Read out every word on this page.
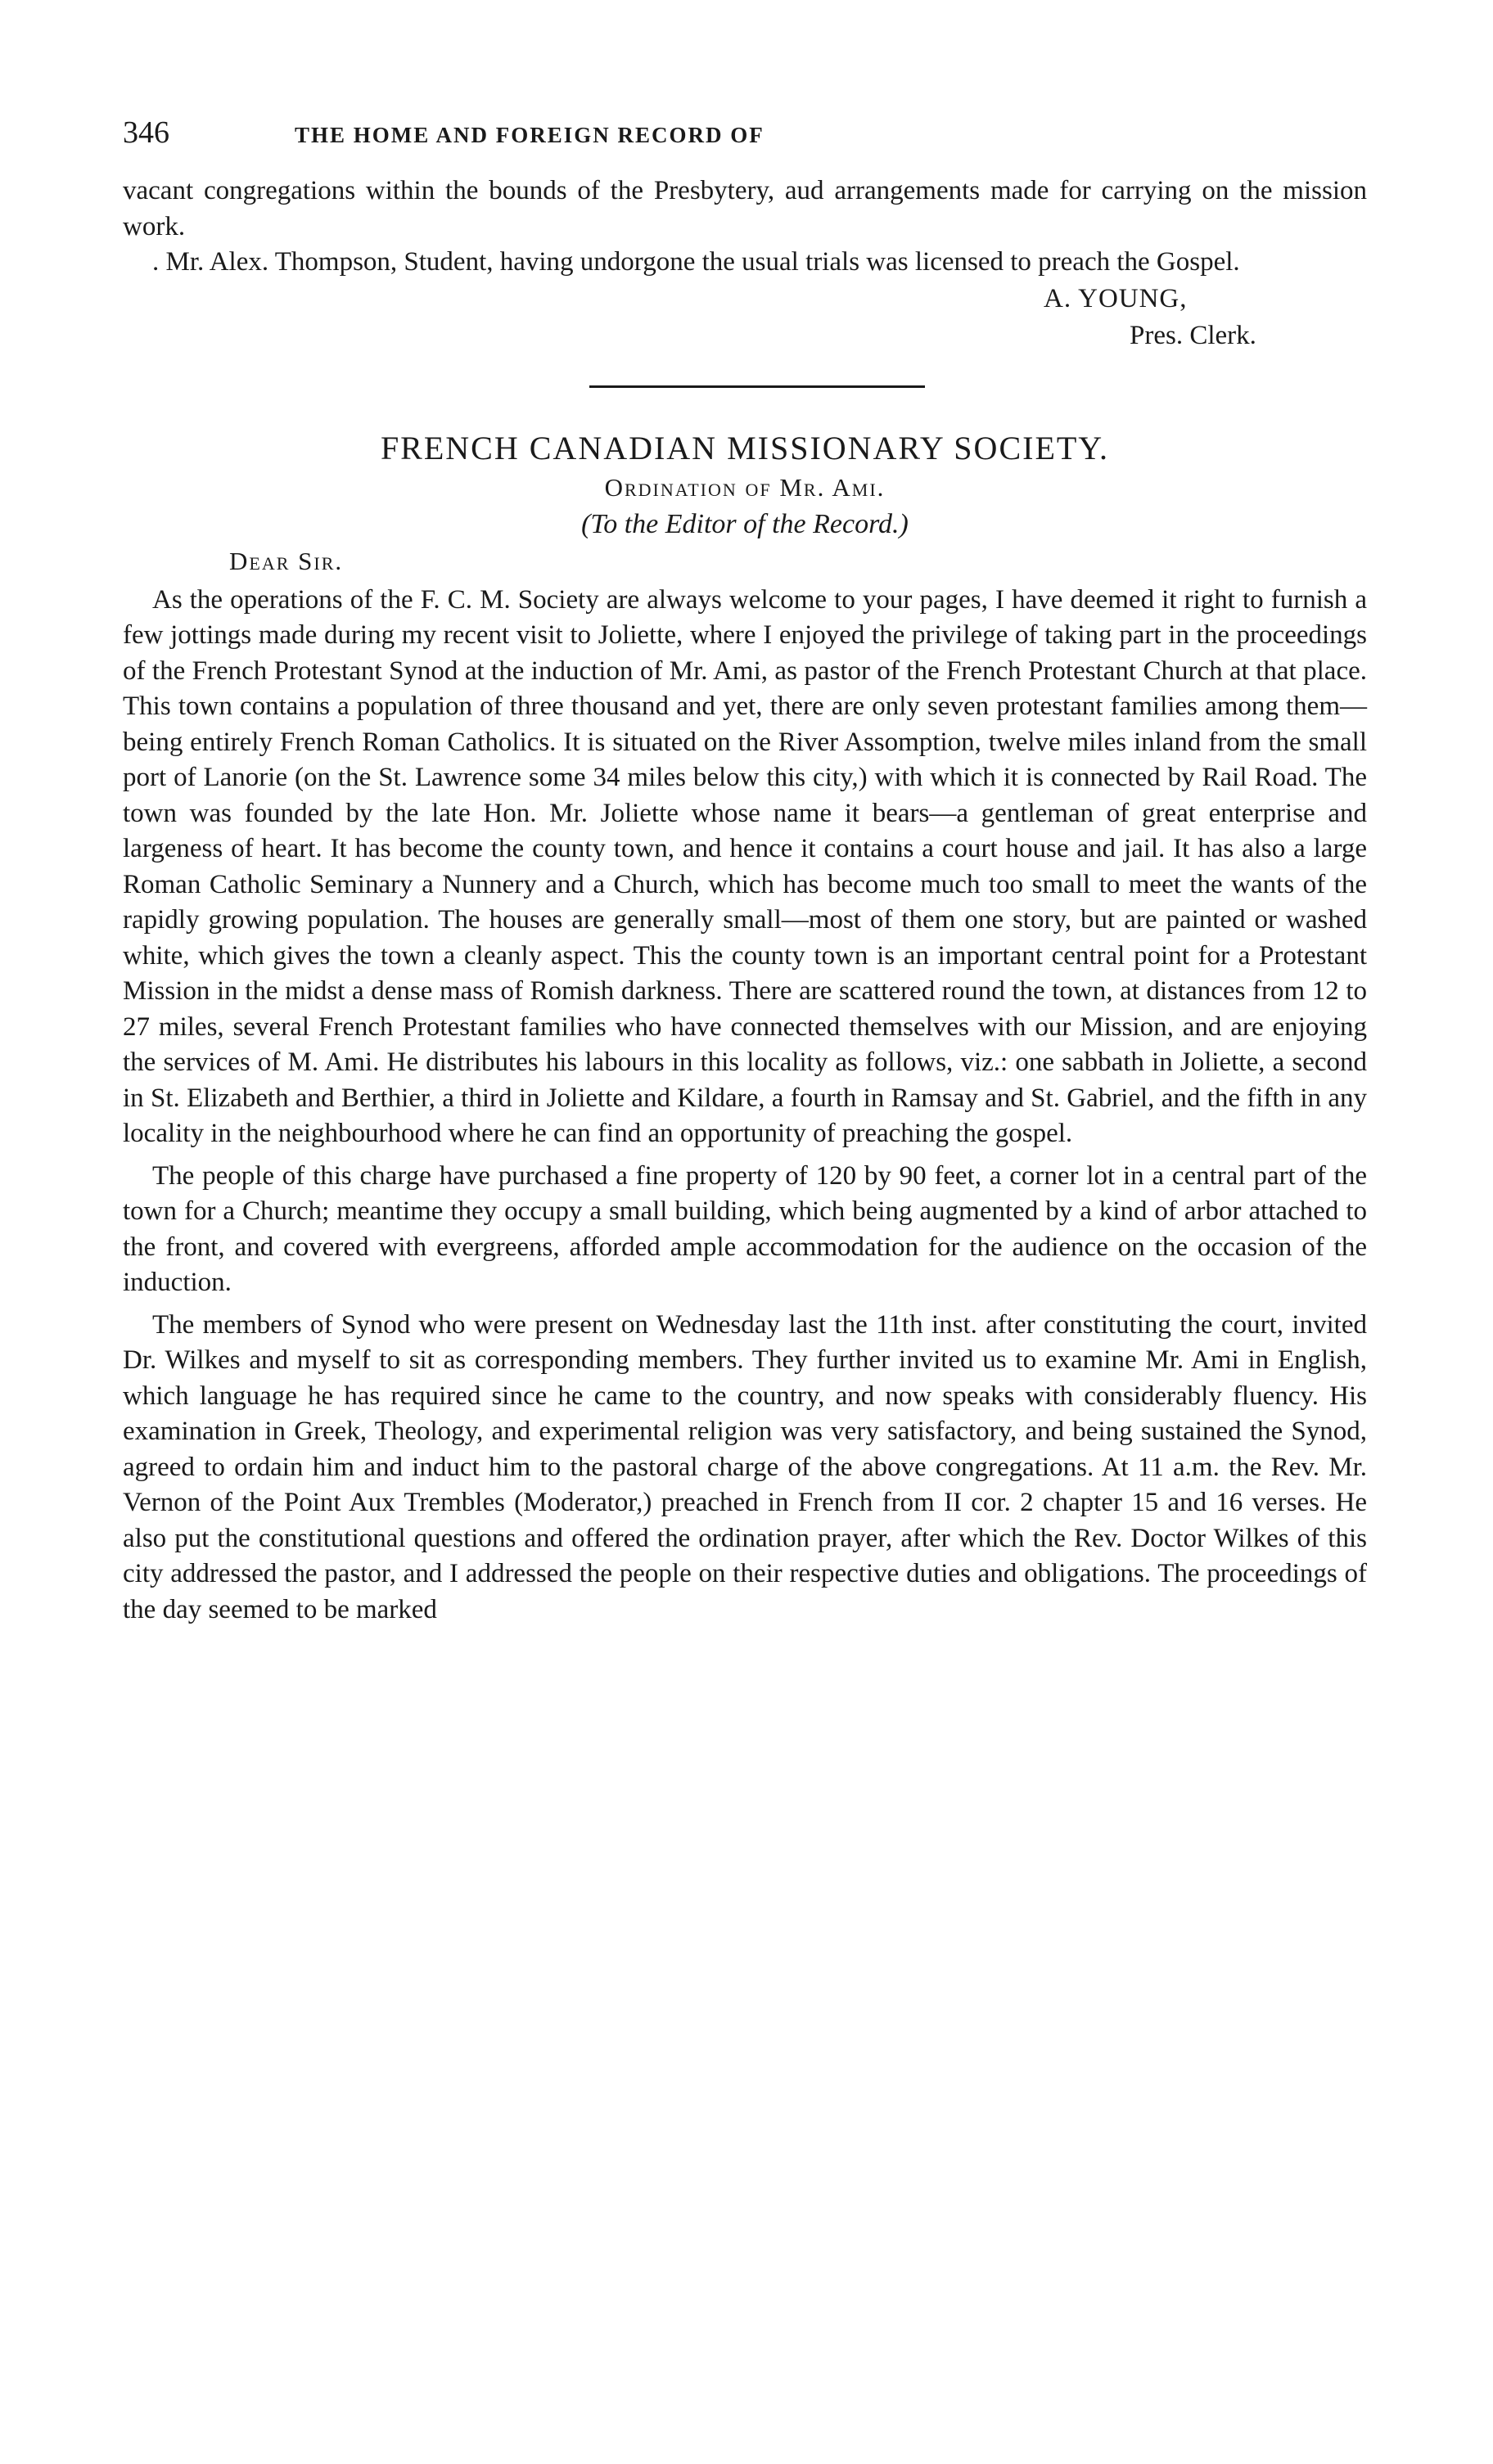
346	THE HOME AND FOREIGN RECORD OF

vacant congregations within the bounds of the Presbytery, aud arrangements made for carrying on the mission work.

. Mr. Alex. Thompson, Student, having undorgone the usual trials was licensed to preach the Gospel.

A. YOUNG,
Pres. Clerk.
FRENCH CANADIAN MISSIONARY SOCIETY.
Ordination of Mr. Ami.
(To the Editor of the Record.)
Dear Sir.

As the operations of the F. C. M. Society are always welcome to your pages, I have deemed it right to furnish a few jottings made during my recent visit to Joliette, where I enjoyed the privilege of taking part in the proceedings of the French Protestant Synod at the induction of Mr. Ami, as pastor of the French Protestant Church at that place. This town contains a population of three thousand and yet, there are only seven protestant families among them—being entirely French Roman Catholics. It is situated on the River Assomption, twelve miles inland from the small port of Lanorie (on the St. Lawrence some 34 miles below this city,) with which it is connected by Rail Road. The town was founded by the late Hon. Mr. Joliette whose name it bears—a gentleman of great enterprise and largeness of heart. It has become the county town, and hence it contains a court house and jail. It has also a large Roman Catholic Seminary a Nunnery and a Church, which has become much too small to meet the wants of the rapidly growing population. The houses are generally small—most of them one story, but are painted or washed white, which gives the town a cleanly aspect. This the county town is an important central point for a Protestant Mission in the midst a dense mass of Romish darkness. There are scattered round the town, at distances from 12 to 27 miles, several French Protestant families who have connected themselves with our Mission, and are enjoying the services of M. Ami. He distributes his labours in this locality as follows, viz.: one sabbath in Joliette, a second in St. Elizabeth and Berthier, a third in Joliette and Kildare, a fourth in Ramsay and St. Gabriel, and the fifth in any locality in the neighbourhood where he can find an opportunity of preaching the gospel.

The people of this charge have purchased a fine property of 120 by 90 feet, a corner lot in a central part of the town for a Church; meantime they occupy a small building, which being augmented by a kind of arbor attached to the front, and covered with evergreens, afforded ample accommodation for the audience on the occasion of the induction.

The members of Synod who were present on Wednesday last the 11th inst. after constituting the court, invited Dr. Wilkes and myself to sit as corresponding members. They further invited us to examine Mr. Ami in English, which language he has required since he came to the country, and now speaks with considerably fluency. His examination in Greek, Theology, and experimental religion was very satisfactory, and being sustained the Synod, agreed to ordain him and induct him to the pastoral charge of the above congregations. At 11 a.m. the Rev. Mr. Vernon of the Point Aux Trembles (Moderator,) preached in French from II cor. 2 chapter 15 and 16 verses. He also put the constitutional questions and offered the ordination prayer, after which the Rev. Doctor Wilkes of this city addressed the pastor, and I addressed the people on their respective duties and obligations. The proceedings of the day seemed to be marked
